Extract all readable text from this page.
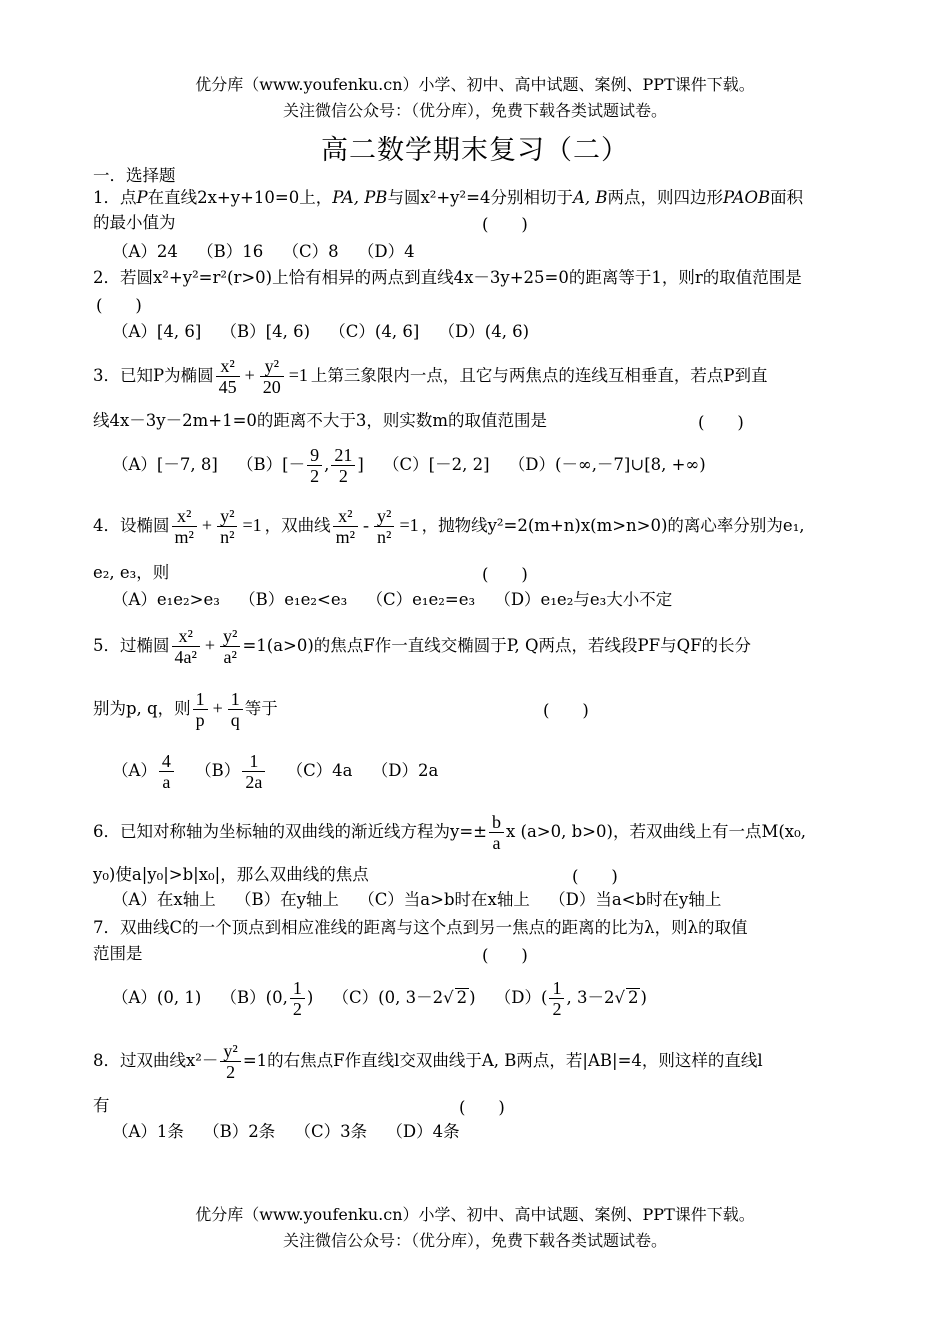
优分库（www.youfenku.cn）小学、初中、高中试题、案例、PPT课件下载。
关注微信公众号：（优分库），免费下载各类试题试卷。
高二数学期末复习（二）
一．选择题
1．点P在直线2x+y+10=0上，PA, PB与圆x²+y²=4分别相切于A, B两点，则四边形PAOB面积
的最小值为	(　　)
（A）24 （B）16 （C）8 （D）4
2．若圆x²+y²=r²(r>0)上恰有相异的两点到直线4x－3y+25=0的距离等于1，则r的取值范围是
(　　)
（A）[4, 6] （B）[4, 6) （C）(4, 6] （D）(4, 6)
3．已知P为椭圆 $\frac{\text{x²}}{45} + \frac{\text{y²}}{20} =1$ 上第三象限内一点，且它与两焦点的连线互相垂直，若点P到直
线4x－3y－2m+1=0的距离不大于3，则实数m的取值范围是	(　　)
（A）[－7, 8] $(B)[- \frac{9}{2}$ , $\frac{21}{2}$ ] （C）[－2, 2] （D）(－∞,－7]∪[8, +∞)
4．设椭圆 $\frac{\text{x²}}{\text{m²}} + \frac{\text{y²}}{\text{n²}} =1$ ，双曲线 $\frac{\text{x²}}{\text{m²}} - \frac{\text{y²}}{\text{n²}} =1$ ，抛物线y²=2(m+n)x(m>n>0)的离心率分别为e₁,
e₂, e₃，则	(　　)
（A）e₁e₂>e₃ （B）e₁e₂<e₃ （C）e₁e₂=e₃ （D）e₁e₂与e₃大小不定
5．过椭圆 $\frac{\text{x²}}{\text{4a²}} + \frac{\text{y²}}{\text{a²}} =1(a>0)$的焦点F作一直线交椭圆于P, Q两点，若线段PF与QF的长分
别为p, q，则 $\frac{1}{p} + \frac{1}{q}$ 等于	(　　)
$(A) \frac{4}{a} (B) \frac{1}{2a} (C)4a$ （D）2a
6．已知对称轴为坐标轴的双曲线的渐近线方程为$y=\pm \frac{b}{a}$ x (a>0, b>0)，若双曲线上有一点M(x₀,
y₀)使a|y₀|>b|x₀|，那么双曲线的焦点	(　　)
（A）在x轴上 （B）在y轴上 （C）当a>b时在x轴上 （D）当a<b时在y轴上
7．双曲线C的一个顶点到相应准线的距离与这个点到另一焦点的距离的比为λ，则λ的取值
范围是	(　　)
（A）(0, 1) （B）(0, $\frac{1}{2}$ ) （C）(0, 3－2√ 2 ) $(D)( \frac{1}{2}$ , 3－2√ 2 )
8．过双曲线$x^2- \frac{\text{y²}}{2} =1$的右焦点F作直线l交双曲线于A, B两点，若|AB|=4，则这样的直线l
有	(　　)
（A）1条 （B）2条 （C）3条 （D）4条
优分库（www.youfenku.cn）小学、初中、高中试题、案例、PPT课件下载。
关注微信公众号：（优分库），免费下载各类试题试卷。
